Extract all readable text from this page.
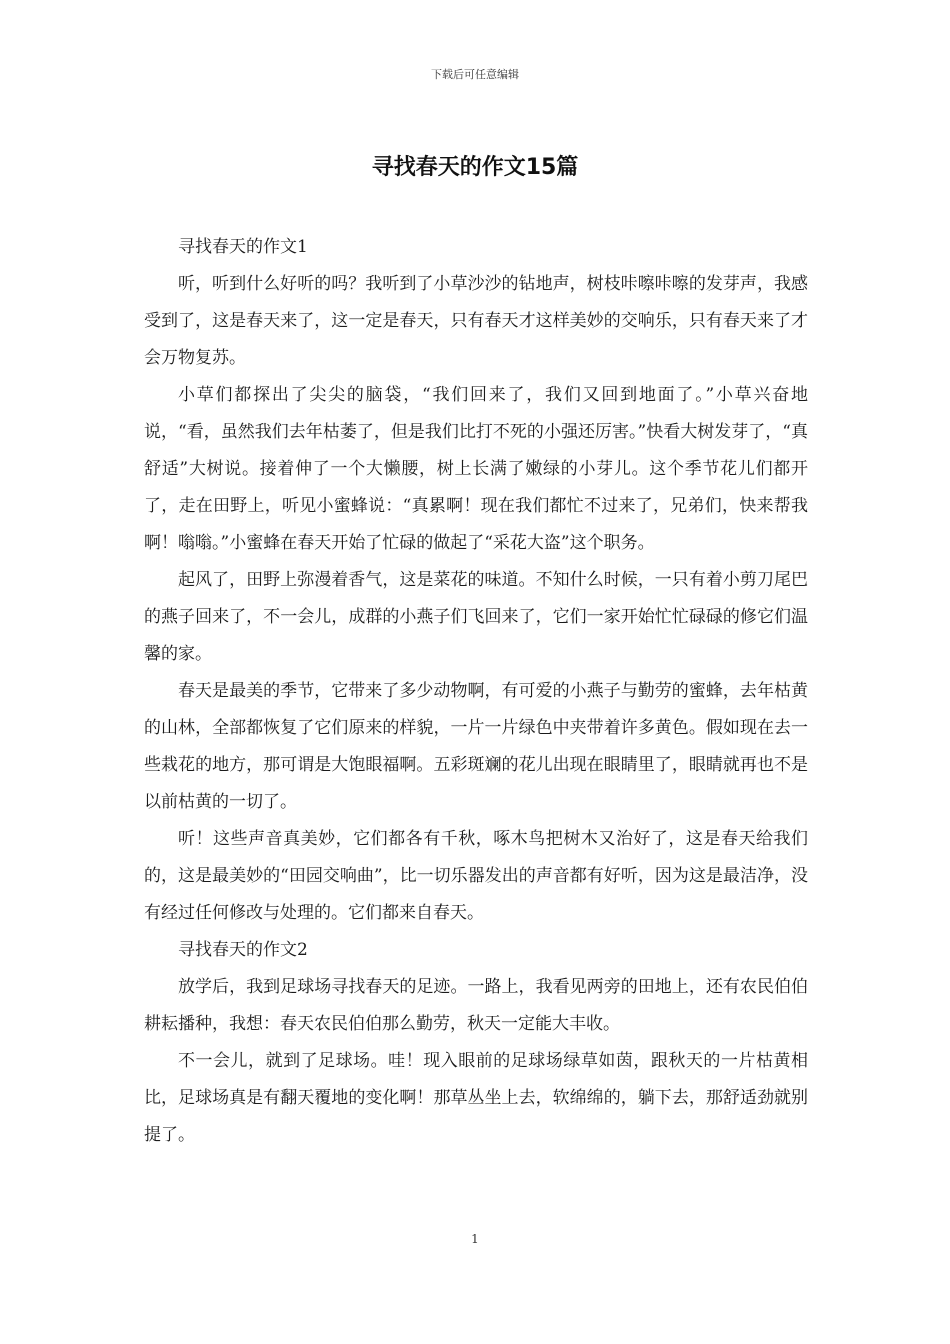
下载后可任意编辑
寻找春天的作文15篇

寻找春天的作文1

听，听到什么好听的吗？我听到了小草沙沙的钻地声，树枝咔嚓咔嚓的发芽声，我感受到了，这是春天来了，这一定是春天，只有春天才这样美妙的交响乐，只有春天来了才会万物复苏。

小草们都探出了尖尖的脑袋，“我们回来了，我们又回到地面了。”小草兴奋地说，“看，虽然我们去年枯萎了，但是我们比打不死的小强还厉害。”快看大树发芽了，“真舒适”大树说。接着伸了一个大懒腰，树上长满了嫩绿的小芽儿。这个季节花儿们都开了，走在田野上，听见小蜜蜂说：“真累啊！现在我们都忙不过来了，兄弟们，快来帮我啊！嗡嗡。”小蜜蜂在春天开始了忙碌的做起了“采花大盗”这个职务。

起风了，田野上弥漫着香气，这是菜花的味道。不知什么时候，一只有着小剪刀尾巴的燕子回来了，不一会儿，成群的小燕子们飞回来了，它们一家开始忙忙碌碌的修它们温馨的家。

春天是最美的季节，它带来了多少动物啊，有可爱的小燕子与勤劳的蜜蜂，去年枯黄的山林，全部都恢复了它们原来的样貌，一片一片绿色中夹带着许多黄色。假如现在去一些栽花的地方，那可谓是大饱眼福啊。五彩斑斓的花儿出现在眼睛里了，眼睛就再也不是以前枯黄的一切了。

听！这些声音真美妙，它们都各有千秋，啄木鸟把树木又治好了，这是春天给我们的，这是最美妙的“田园交响曲”，比一切乐器发出的声音都有好听，因为这是最洁净，没有经过任何修改与处理的。它们都来自春天。

寻找春天的作文2

放学后，我到足球场寻找春天的足迹。一路上，我看见两旁的田地上，还有农民伯伯耕耘播种，我想：春天农民伯伯那么勤劳，秋天一定能大丰收。

不一会儿，就到了足球场。哇！现入眼前的足球场绿草如茵，跟秋天的一片枯黄相比，足球场真是有翻天覆地的变化啊！那草丛坐上去，软绵绵的，躺下去，那舒适劲就别提了。

1
